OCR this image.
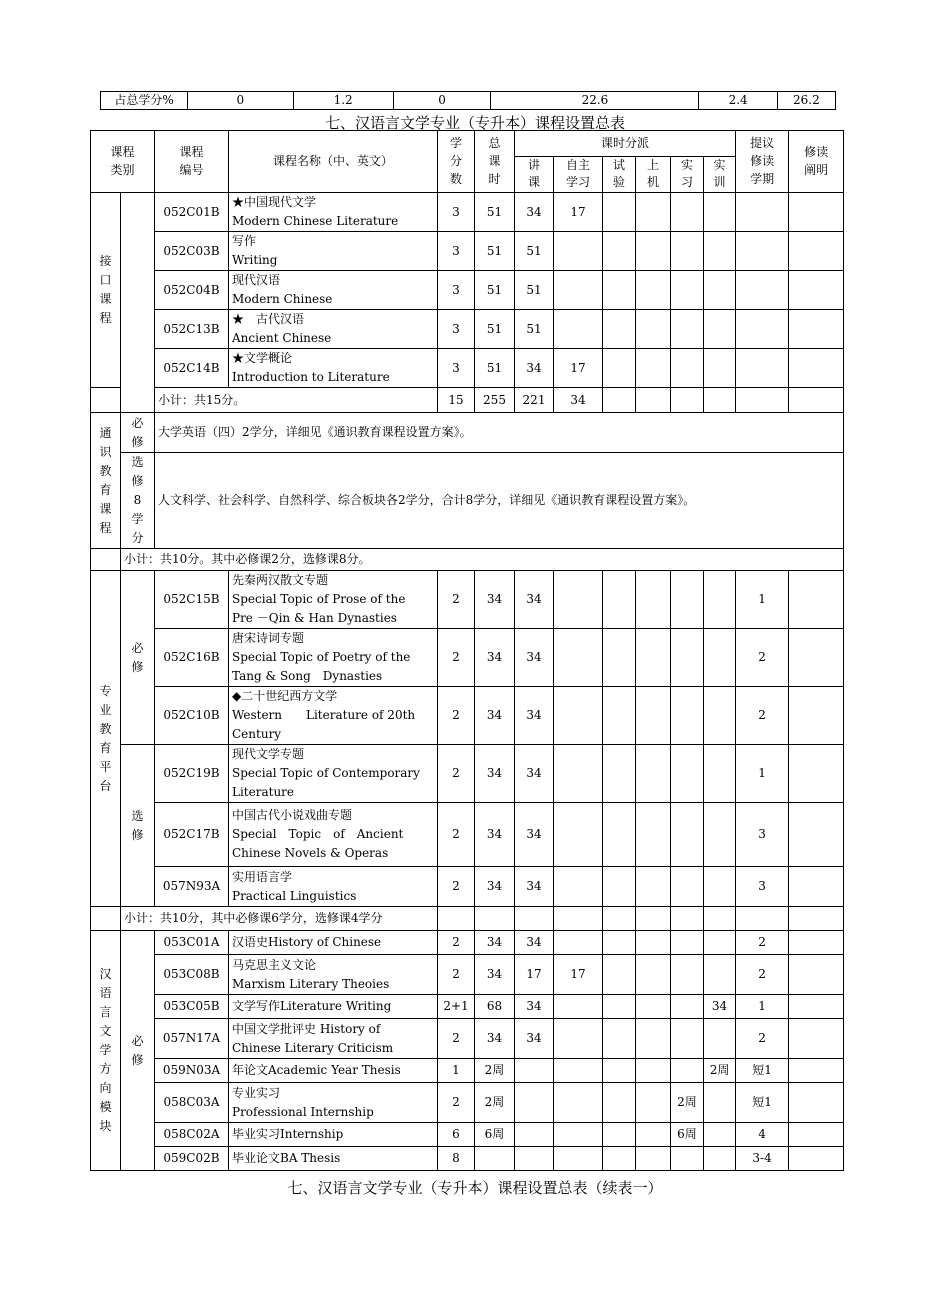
占总学分%	0	1.2	0	22.6	2.4	26.2
七、汉语言文学专业（专升本）课程设置总表
课程类别		课程编号	课程名称（中、英文）	学分数	总课时	课时分派						提议修读学期	修读阐明
						讲课	自主学习	试验	上机	实习	实训		
接口课程		052C01B	★中国现代文学
Modern Chinese Literature	3	51	34	17						
		052C03B	写作
Writing	3	51	51							
		052C04B	现代汉语
Modern Chinese	3	51	51							
		052C13B	★　古代汉语
Ancient Chinese	3	51	51							
		052C14B	★文学概论
Introduction to Literature	3	51	34	17						
		小计：共15分。		15	255	221	34						
通识教育课程	必修	大学英语（四）2学分，详细见《通识教育课程设置方案》。											
	选修8学分	人文科学、社会科学、自然科学、综合板块各2学分，合计8学分，详细见《通识教育课程设置方案》。											
	小计：共10分。其中必修课2分，选修课8分。												
专业教育平台	必修	052C15B	先秦两汉散文专题
Special Topic of Prose of the
Pre －Qin & Han Dynasties	2	34	34						1	
		052C16B	唐宋诗词专题
Special Topic of Poetry of the
Tang & Song　Dynasties	2	34	34						2	
		052C10B	◆二十世纪西方文学
Western　　Literature of 20th
Century	2	34	34						2	
	选修	052C19B	现代文学专题
Special Topic of Contemporary
Literature	2	34	34						1	
		052C17B	中国古代小说戏曲专题
Special　Topic　of　Ancient
Chinese Novels & Operas	2	34	34						3	
		057N93A	实用语言学
Practical Linguistics	2	34	34						3	
	小计：共10分，其中必修课6学分，选修课4学分												
汉语言文学方向模块	必修	053C01A	汉语史History of Chinese	2	34	34						2	
		053C08B	马克思主义文论
Marxism Literary Theoies	2	34	17	17					2	
		053C05B	文学写作Literature Writing	2+1	68	34					34	1	
		057N17A	中国文学批评史 History of
Chinese Literary Criticism	2	34	34						2	
		059N03A	年论文Academic Year Thesis	1	2周						2周	短1	
		058C03A	专业实习
Professional Internship	2	2周					2周		短1	
		058C02A	毕业实习Internship	6	6周					6周		4	
		059C02B	毕业论文BA Thesis	8								3-4	
七、汉语言文学专业（专升本）课程设置总表（续表一）
